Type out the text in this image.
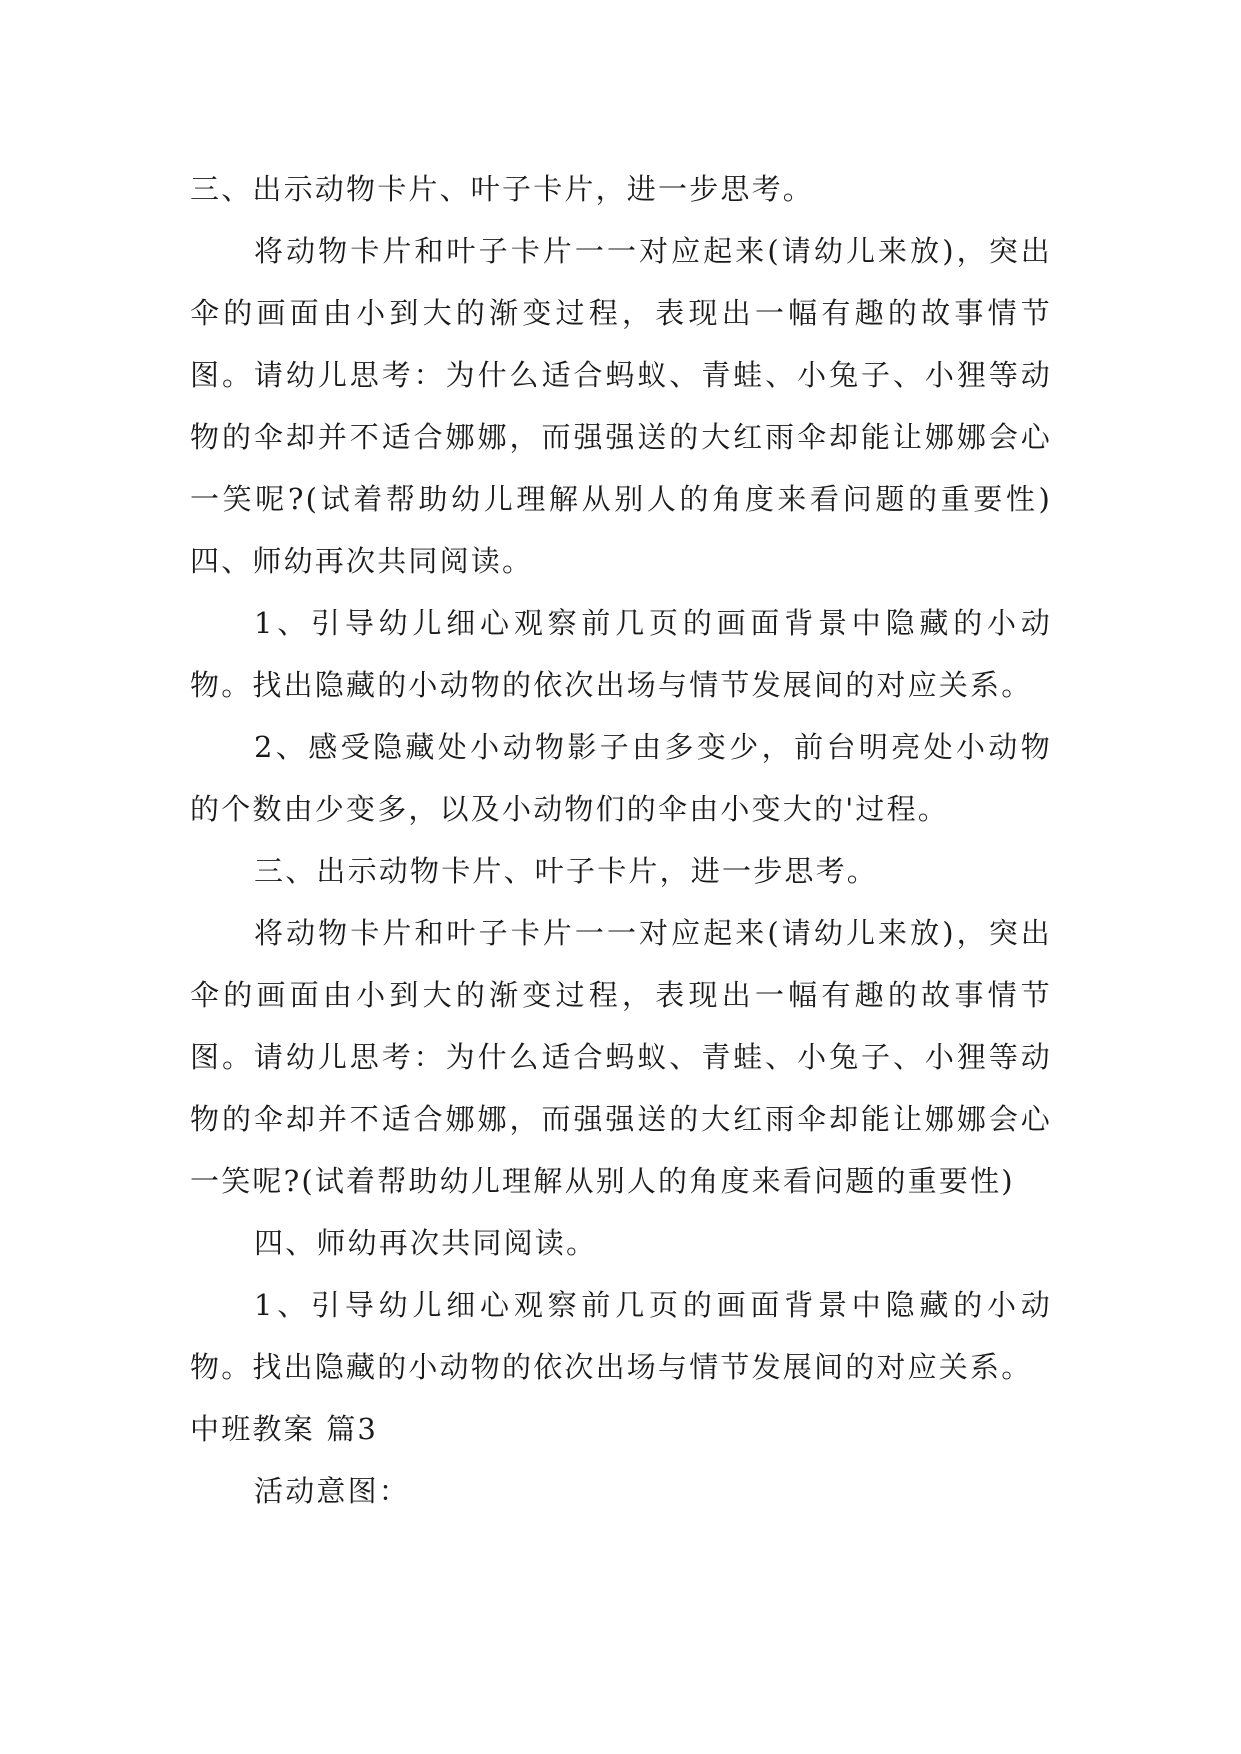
三、出示动物卡片、叶子卡片，进一步思考。

将动物卡片和叶子卡片一一对应起来(请幼儿来放)，突出伞的画面由小到大的渐变过程，表现出一幅有趣的故事情节图。请幼儿思考：为什么适合蚂蚁、青蛙、小兔子、小狸等动物的伞却并不适合娜娜，而强强送的大红雨伞却能让娜娜会心一笑呢?(试着帮助幼儿理解从别人的角度来看问题的重要性)四、师幼再次共同阅读。

1、引导幼儿细心观察前几页的画面背景中隐藏的小动物。找出隐藏的小动物的依次出场与情节发展间的对应关系。

2、感受隐藏处小动物影子由多变少，前台明亮处小动物的个数由少变多，以及小动物们的伞由小变大的'过程。

三、出示动物卡片、叶子卡片，进一步思考。

将动物卡片和叶子卡片一一对应起来(请幼儿来放)，突出伞的画面由小到大的渐变过程，表现出一幅有趣的故事情节图。请幼儿思考：为什么适合蚂蚁、青蛙、小兔子、小狸等动物的伞却并不适合娜娜，而强强送的大红雨伞却能让娜娜会心一笑呢?(试着帮助幼儿理解从别人的角度来看问题的重要性)

四、师幼再次共同阅读。

1、引导幼儿细心观察前几页的画面背景中隐藏的小动物。找出隐藏的小动物的依次出场与情节发展间的对应关系。

中班教案 篇3

活动意图：
